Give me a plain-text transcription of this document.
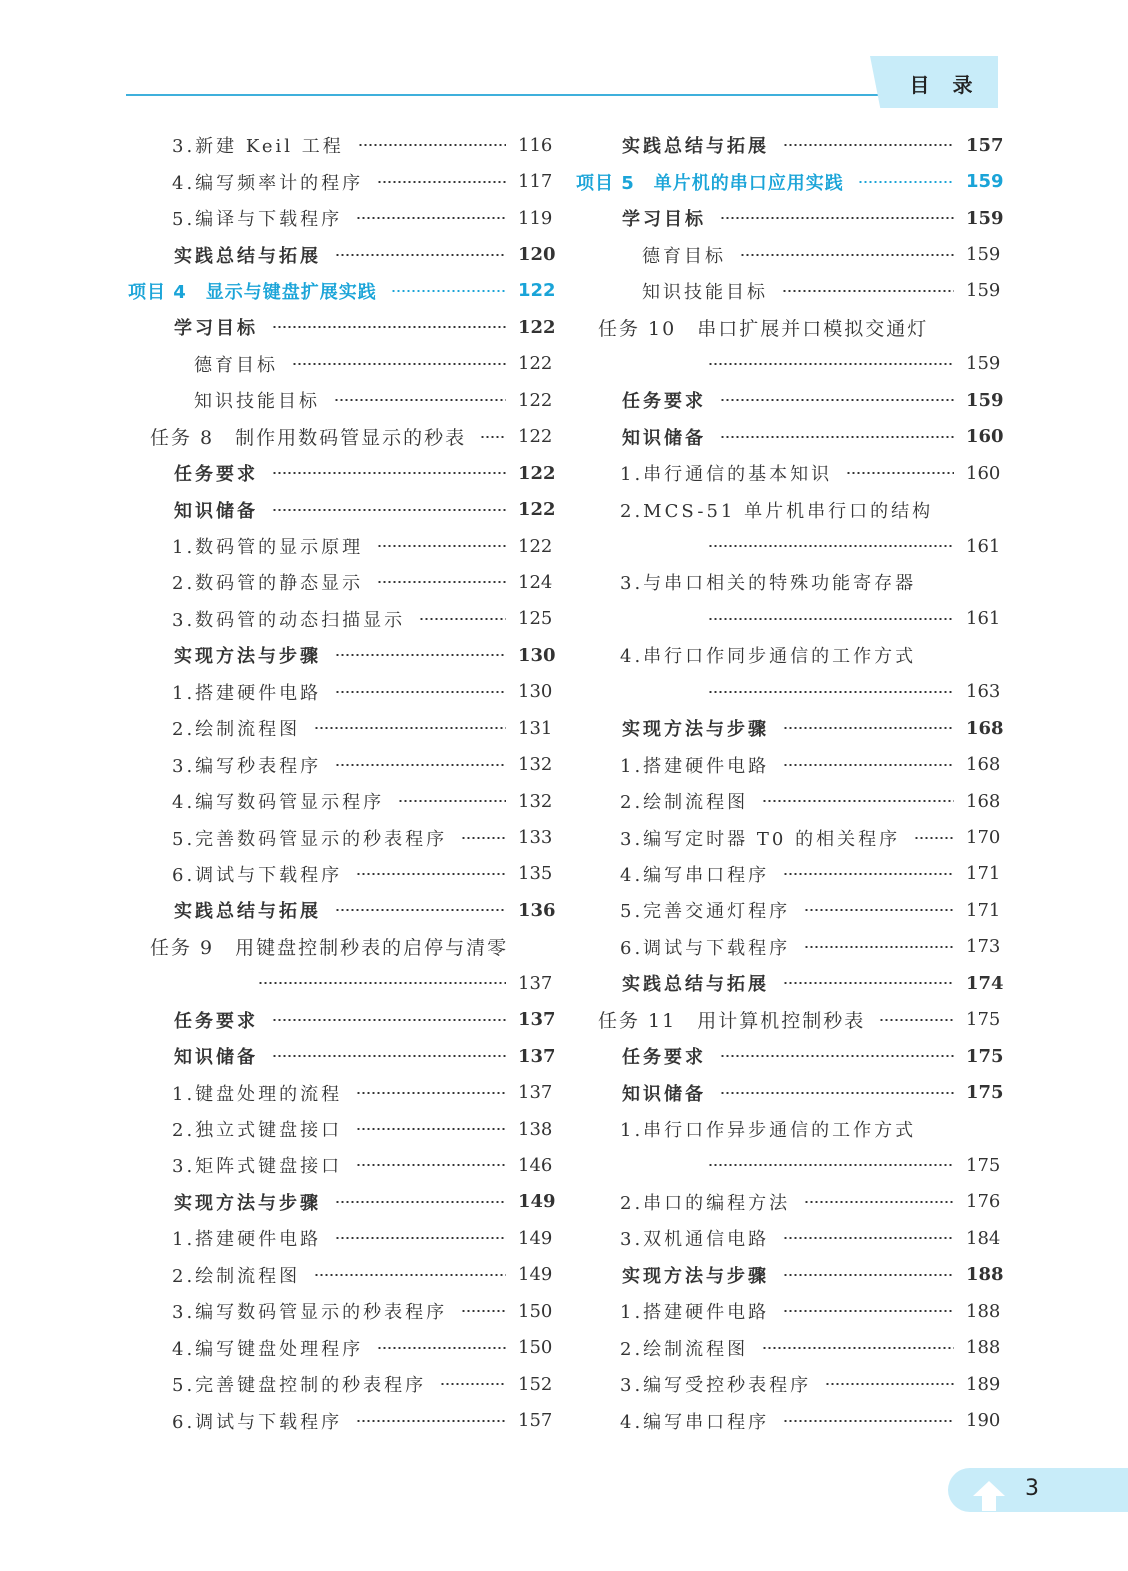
目 录
3.新建 Keil 工程	116
4.编写频率计的程序	117
5.编译与下载程序	119
实践总结与拓展	120
项目 4　显示与键盘扩展实践	122
学习目标	122
德育目标	122
知识技能目标	122
任务 8　制作用数码管显示的秒表	122
任务要求	122
知识储备	122
1.数码管的显示原理	122
2.数码管的静态显示	124
3.数码管的动态扫描显示	125
实现方法与步骤	130
1.搭建硬件电路	130
2.绘制流程图	131
3.编写秒表程序	132
4.编写数码管显示程序	132
5.完善数码管显示的秒表程序	133
6.调试与下载程序	135
实践总结与拓展	136
任务 9　用键盘控制秒表的启停与清零
137
任务要求	137
知识储备	137
1.键盘处理的流程	137
2.独立式键盘接口	138
3.矩阵式键盘接口	146
实现方法与步骤	149
1.搭建硬件电路	149
2.绘制流程图	149
3.编写数码管显示的秒表程序	150
4.编写键盘处理程序	150
5.完善键盘控制的秒表程序	152
6.调试与下载程序	157
实践总结与拓展	157
项目 5　单片机的串口应用实践	159
学习目标	159
德育目标	159
知识技能目标	159
任务 10　串口扩展并口模拟交通灯
159
任务要求	159
知识储备	160
1.串行通信的基本知识	160
2.MCS-51 单片机串行口的结构
161
3.与串口相关的特殊功能寄存器
161
4.串行口作同步通信的工作方式
163
实现方法与步骤	168
1.搭建硬件电路	168
2.绘制流程图	168
3.编写定时器 T0 的相关程序	170
4.编写串口程序	171
5.完善交通灯程序	171
6.调试与下载程序	173
实践总结与拓展	174
任务 11　用计算机控制秒表	175
任务要求	175
知识储备	175
1.串行口作异步通信的工作方式
175
2.串口的编程方法	176
3.双机通信电路	184
实现方法与步骤	188
1.搭建硬件电路	188
2.绘制流程图	188
3.编写受控秒表程序	189
4.编写串口程序	190
3
